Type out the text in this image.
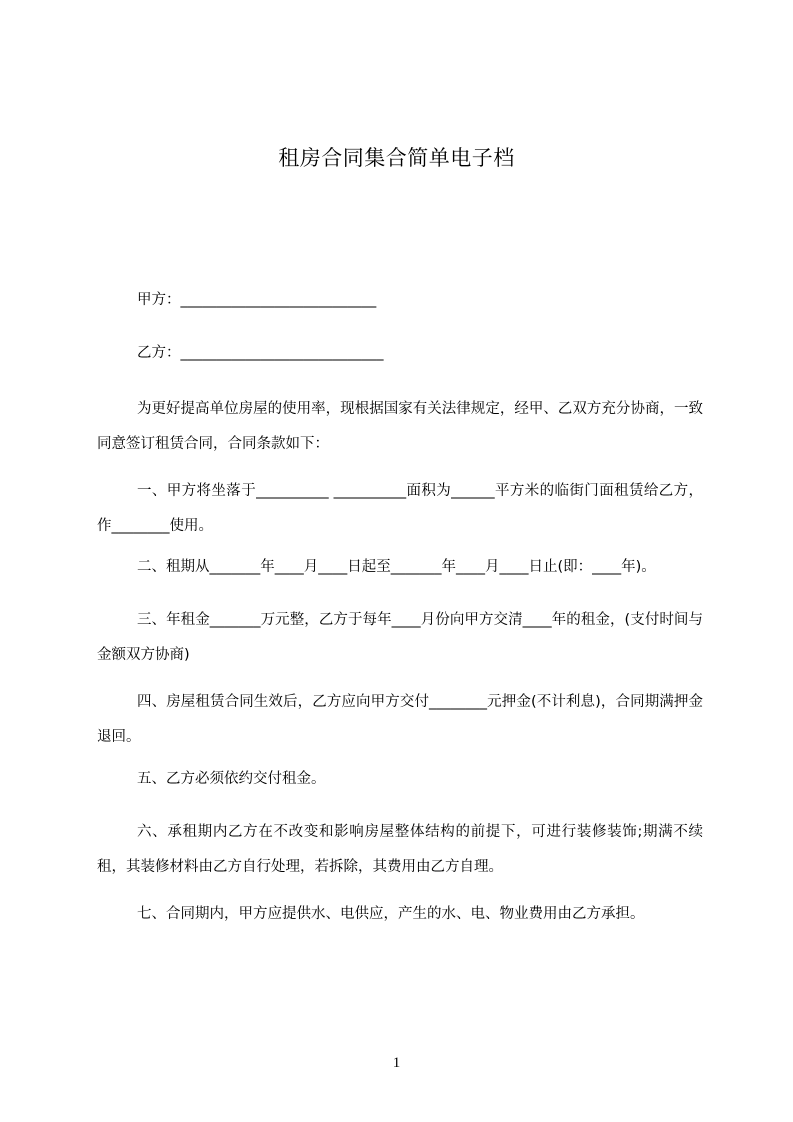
租房合同集合简单电子档
甲方：___________________________
乙方：____________________________
为更好提高单位房屋的使用率，现根据国家有关法律规定，经甲、乙双方充分协商，一致同意签订租赁合同，合同条款如下：
一、甲方将坐落于__________ __________面积为______平方米的临街门面租赁给乙方，作________使用。
二、租期从_______年____月____日起至_______年____月____日止(即：____年)。
三、年租金_______万元整，乙方于每年____月份向甲方交清____年的租金，(支付时间与金额双方协商)
四、房屋租赁合同生效后，乙方应向甲方交付________元押金(不计利息)，合同期满押金退回。
五、乙方必须依约交付租金。
六、承租期内乙方在不改变和影响房屋整体结构的前提下，可进行装修装饰;期满不续租，其装修材料由乙方自行处理，若拆除，其费用由乙方自理。
七、合同期内，甲方应提供水、电供应，产生的水、电、物业费用由乙方承担。
1
